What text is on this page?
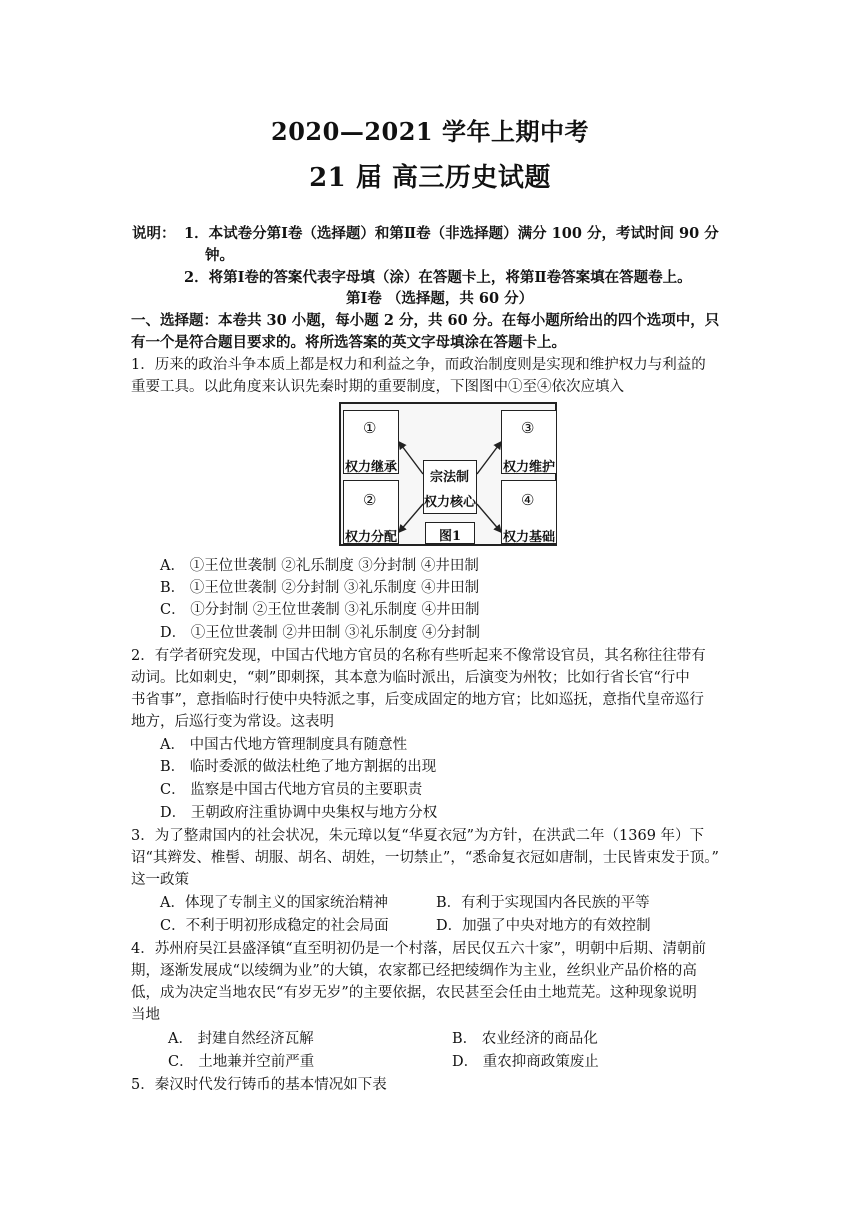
2020—2021 学年上期中考
21 届 高三历史试题
说明： 1．本试卷分第Ⅰ卷（选择题）和第Ⅱ卷（非选择题）满分 100 分，考试时间 90 分
钟。
2．将第Ⅰ卷的答案代表字母填（涂）在答题卡上，将第Ⅱ卷答案填在答题卷上。
第Ⅰ卷 （选择题，共 60 分）
一、选择题：本卷共 30 小题，每小题 2 分，共 60 分。在每小题所给出的四个选项中，只
有一个是符合题目要求的。将所选答案的英文字母填涂在答题卡上。
1．历来的政治斗争本质上都是权力和利益之争，而政治制度则是实现和维护权力与利益的
重要工具。以此角度来认识先秦时期的重要制度，下图图中①至④依次应填入
①
权力继承
②
权力分配
③
权力维护
④
权力基础
宗法制
权力核心
图1
A． ①王位世袭制 ②礼乐制度 ③分封制 ④井田制
B． ①王位世袭制 ②分封制 ③礼乐制度 ④井田制
C． ①分封制 ②王位世袭制 ③礼乐制度 ④井田制
D． ①王位世袭制 ②井田制 ③礼乐制度 ④分封制
2．有学者研究发现，中国古代地方官员的名称有些听起来不像常设官员，其名称往往带有
动词。比如刺史，“刺”即刺探，其本意为临时派出，后演变为州牧；比如行省长官“行中
书省事”，意指临时行使中央特派之事，后变成固定的地方官；比如巡抚，意指代皇帝巡行
地方，后巡行变为常设。这表明
A． 中国古代地方管理制度具有随意性
B． 临时委派的做法杜绝了地方割据的出现
C． 监察是中国古代地方官员的主要职责
D． 王朝政府注重协调中央集权与地方分权
3．为了整肃国内的社会状况，朱元璋以复“华夏衣冠”为方针，在洪武二年（1369 年）下
诏“其辫发、椎髻、胡服、胡名、胡姓，一切禁止”，“悉命复衣冠如唐制，士民皆束发于顶。”
这一政策
A．体现了专制主义的国家统治精神	B．有利于实现国内各民族的平等
C．不利于明初形成稳定的社会局面	D．加强了中央对地方的有效控制
4．苏州府吴江县盛泽镇“直至明初仍是一个村落，居民仅五六十家”，明朝中后期、清朝前
期，逐渐发展成“以绫绸为业”的大镇，农家都已经把绫绸作为主业，丝织业产品价格的高
低，成为决定当地农民“有岁无岁”的主要依据，农民甚至会任由土地荒芜。这种现象说明
当地
A． 封建自然经济瓦解	B． 农业经济的商品化
C． 土地兼并空前严重	D． 重农抑商政策废止
5．秦汉时代发行铸币的基本情况如下表
